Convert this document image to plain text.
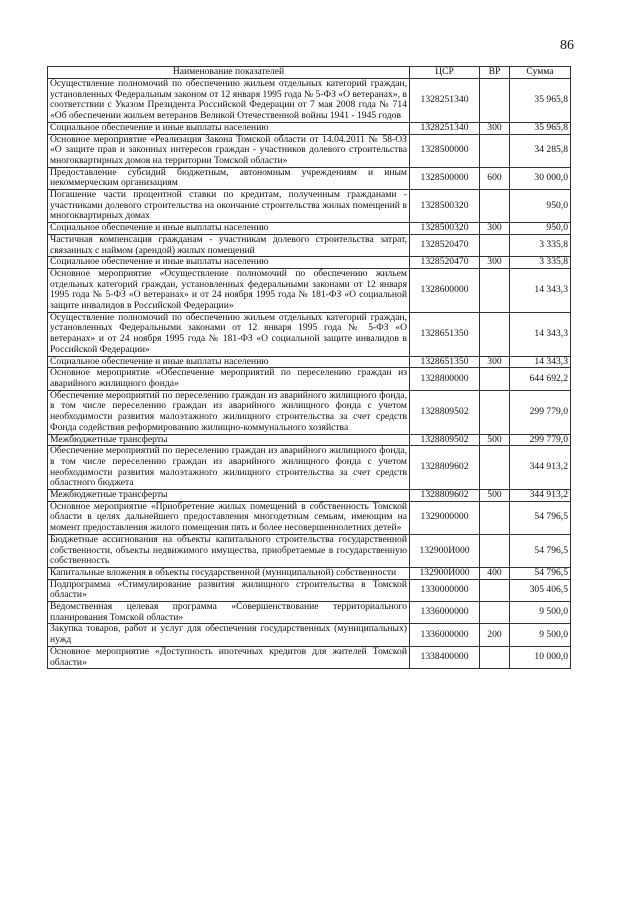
86
Наименование показателей	ЦСР	ВР	Сумма
Осуществление полномочий по обеспечению жильем отдельных категорий граждан, установленных Федеральным законом от 12 января 1995 года № 5-ФЗ «О ветеранах», в соответствии с Указом Президента Российской Федерации от 7 мая 2008 года № 714 «Об обеспечении жильем ветеранов Великой Отечественной войны 1941 - 1945 годов	1328251340		35 965,8
Социальное обеспечение и иные выплаты населению	1328251340	300	35 965,8
Основное мероприятие «Реализация Закона Томской области от 14.04.2011 № 58-ОЗ «О защите прав и законных интересов граждан - участников долевого строительства многоквартирных домов на территории Томской области»	1328500000		34 285,8
Предоставление субсидий бюджетным, автономным учреждениям и иным некоммерческим организациям	1328500000	600	30 000,0
Погашение части процентной ставки по кредитам, полученным гражданами - участниками долевого строительства на окончание строительства жилых помещений в многоквартирных домах	1328500320		950,0
Социальное обеспечение и иные выплаты населению	1328500320	300	950,0
Частичная компенсация гражданам - участникам долевого строительства затрат, связанных с наймом (арендой) жилых помещений	1328520470		3 335,8
Социальное обеспечение и иные выплаты населению	1328520470	300	3 335,8
Основное мероприятие «Осуществление полномочий по обеспечению жильем отдельных категорий граждан, установленных федеральными законами от 12 января 1995 года № 5-ФЗ «О ветеранах» и от 24 ноября 1995 года № 181-ФЗ «О социальной защите инвалидов в Российской Федерации»	1328600000		14 343,3
Осуществление полномочий по обеспечению жильем отдельных категорий граждан, установленных Федеральными законами от 12 января 1995 года № 5-ФЗ «О ветеранах» и от 24 ноября 1995 года № 181-ФЗ «О социальной защите инвалидов в Российской Федерации»	1328651350		14 343,3
Социальное обеспечение и иные выплаты населению	1328651350	300	14 343,3
Основное мероприятие «Обеспечение мероприятий по переселению граждан из аварийного жилищного фонда»	1328800000		644 692,2
Обеспечение мероприятий по переселению граждан из аварийного жилищного фонда, в том числе переселению граждан из аварийного жилищного фонда с учетом необходимости развития малоэтажного жилищного строительства за счет средств Фонда содействия реформированию жилищно-коммунального хозяйства	1328809502		299 779,0
Межбюджетные трансферты	1328809502	500	299 779,0
Обеспечение мероприятий по переселению граждан из аварийного жилищного фонда, в том числе переселению граждан из аварийного жилищного фонда с учетом необходимости развития малоэтажного жилищного строительства за счет средств областного бюджета	1328809602		344 913,2
Межбюджетные трансферты	1328809602	500	344 913,2
Основное мероприятие «Приобретение жилых помещений в собственность Томской области в целях дальнейшего предоставления многодетным семьям, имеющим на момент предоставления жилого помещения пять и более несовершеннолетних детей»	1329000000		54 796,5
Бюджетные ассигнования на объекты капитального строительства государственной собственности, объекты недвижимого имущества, приобретаемые в государственную собственность	132900И000		54 796,5
Капитальные вложения в объекты государственной (муниципальной) собственности	132900И000	400	54 796,5
Подпрограмма «Стимулирование развития жилищного строительства в Томской области»	1330000000		305 406,5
Ведомственная целевая программа «Совершенствование территориального планирования Томской области»	1336000000		9 500,0
Закупка товаров, работ и услуг для обеспечения государственных (муниципальных) нужд	1336000000	200	9 500,0
Основное мероприятие «Доступность ипотечных кредитов для жителей Томской области»	1338400000		10 000,0
